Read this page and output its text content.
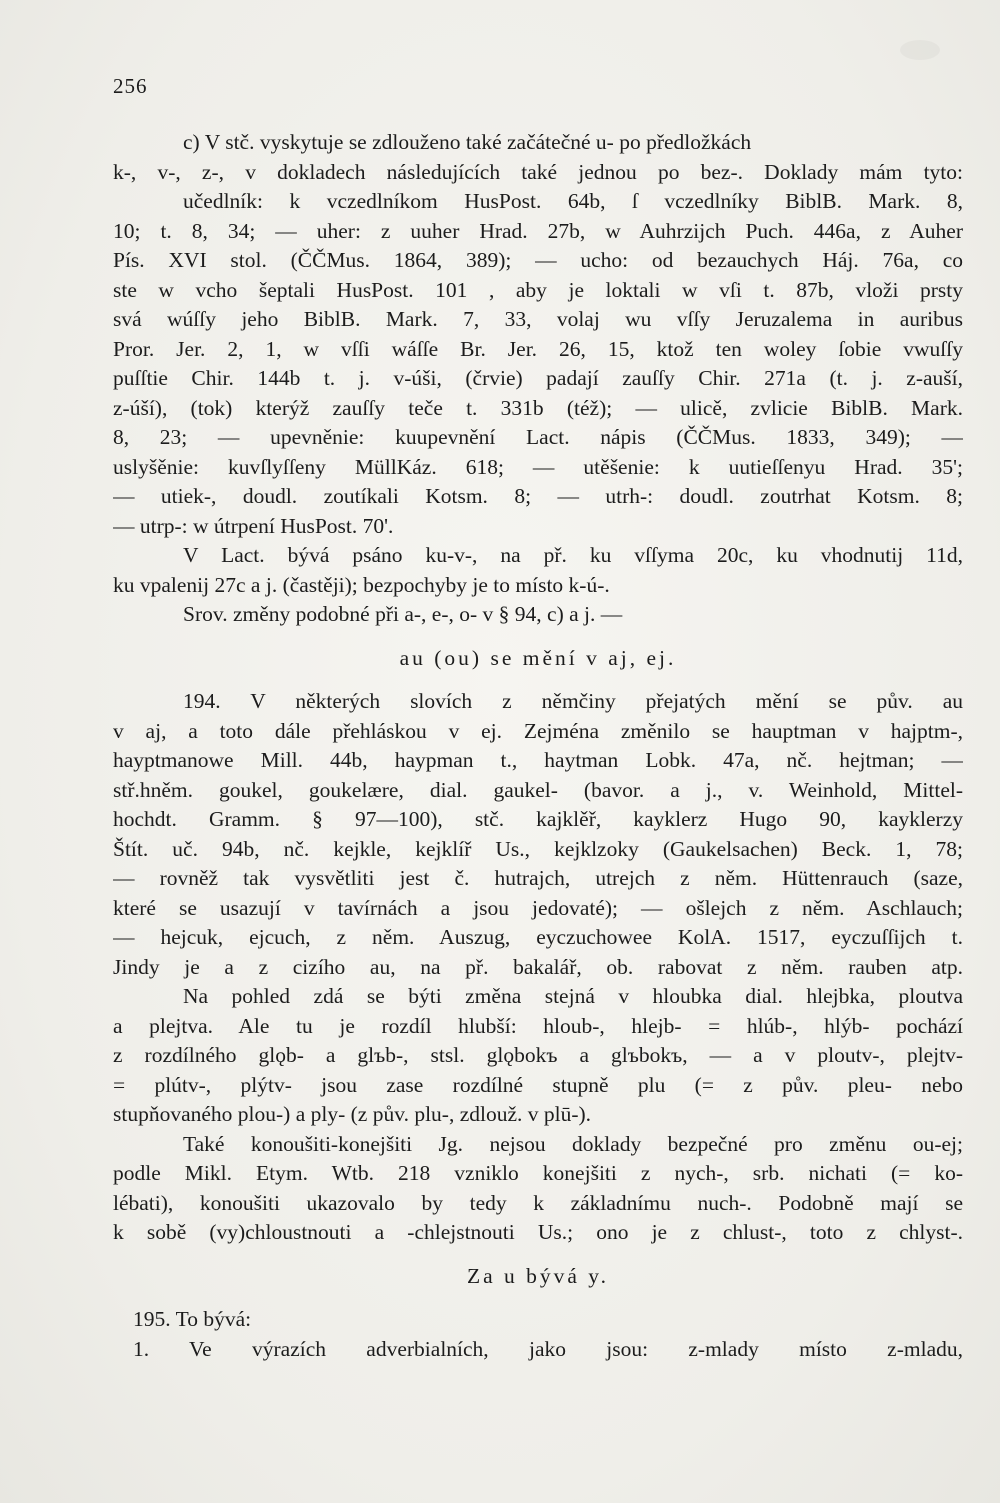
256
c) V stč. vyskytuje se zdlouženo také začátečné u- po předložkách
k-, v-, z-, v dokladech následujících také jednou po bez-. Doklady mám tyto:
učedlník: k vczedlníkom HusPost. 64b, ſ vczedlníky BiblB. Mark. 8,
10; t. 8, 34; — uher: z uuher Hrad. 27b, w Auhrzijch Puch. 446a, z Auher
Pís. XVI stol. (ČČMus. 1864, 389); — ucho: od bezauchych Háj. 76a, co
ste w vcho šeptali HusPost. 101 , aby je loktali w vſi t. 87b, vloži prsty
svá wúſſy jeho BiblB. Mark. 7, 33, volaj wu vſſy Jeruzalema in auribus
Pror. Jer. 2, 1, w vſſi wáſſe Br. Jer. 26, 15, ktož ten woley ſobie vwuſſy
puſſtie Chir. 144b t. j. v-úši, (črvie) padají zauſſy Chir. 271a (t. j. z-auší,
z-úší), (tok) kterýž zauſſy teče t. 331b (též); — ulicě, zvlicie BiblB. Mark.
8, 23; — upevněnie: kuupevnění Lact. nápis (ČČMus. 1833, 349); —
uslyšěnie: kuvſlyſſeny MüllKáz. 618; — utěšenie: k uutieſſenyu Hrad. 35';
— utiek-, doudl. zoutíkali Kotsm. 8; — utrh-: doudl. zoutrhat Kotsm. 8;
— utrp-: w útrpení HusPost. 70'.
V Lact. bývá psáno ku-v-, na př. ku vſſyma 20c, ku vhodnutij 11d,
ku vpalenij 27c a j. (častěji); bezpochyby je to místo k-ú-.
Srov. změny podobné při a-, e-, o- v § 94, c) a j. —
au (ou) se mění v aj, ej.
194. V některých slovích z němčiny přejatých mění se pův. au
v aj, a toto dále přehláskou v ej. Zejména změnilo se hauptman v hajptm-,
hayptmanowe Mill. 44b, haypman t., haytman Lobk. 47a, nč. hejtman; —
stř.hněm. goukel, goukelære, dial. gaukel- (bavor. a j., v. Weinhold, Mittel-
hochdt. Gramm. § 97—100), stč. kajklěř, kayklerz Hugo 90, kayklerzy
Štít. uč. 94b, nč. kejkle, kejklíř Us., kejklzoky (Gaukelsachen) Beck. 1, 78;
— rovněž tak vysvětliti jest č. hutrajch, utrejch z něm. Hüttenrauch (saze,
které se usazují v tavírnách a jsou jedovaté); — ošlejch z něm. Aschlauch;
— hejcuk, ejcuch, z něm. Auszug, eyczuchowee KolA. 1517, eyczuſſijch t.
Jindy je a z cizího au, na př. bakalář, ob. rabovat z něm. rauben atp.
Na pohled zdá se býti změna stejná v hloubka dial. hlejbka, ploutva
a plejtva. Ale tu je rozdíl hlubší: hloub-, hlejb- = hlúb-, hlýb- pochází
z rozdílného glǫb- a glъb-, stsl. glǫbokъ a glъbokъ, — a v ploutv-, plejtv-
= plútv-, plýtv- jsou zase rozdílné stupně plu (= z pův. pleu- nebo
stupňovaného plou-) a ply- (z pův. plu-, zdlouž. v plū-).
Také konoušiti-konejšiti Jg. nejsou doklady bezpečné pro změnu ou-ej;
podle Mikl. Etym. Wtb. 218 vzniklo konejšiti z nych-, srb. nichati (= ko-
lébati), konoušiti ukazovalo by tedy k základnímu nuch-. Podobně mají se
k sobě (vy)chloustnouti a -chlejstnouti Us.; ono je z chlust-, toto z chlyst-.
Za u bývá y.
195. To bývá:
1. Ve výrazích adverbialních, jako jsou: z-mlady místo z-mladu,
